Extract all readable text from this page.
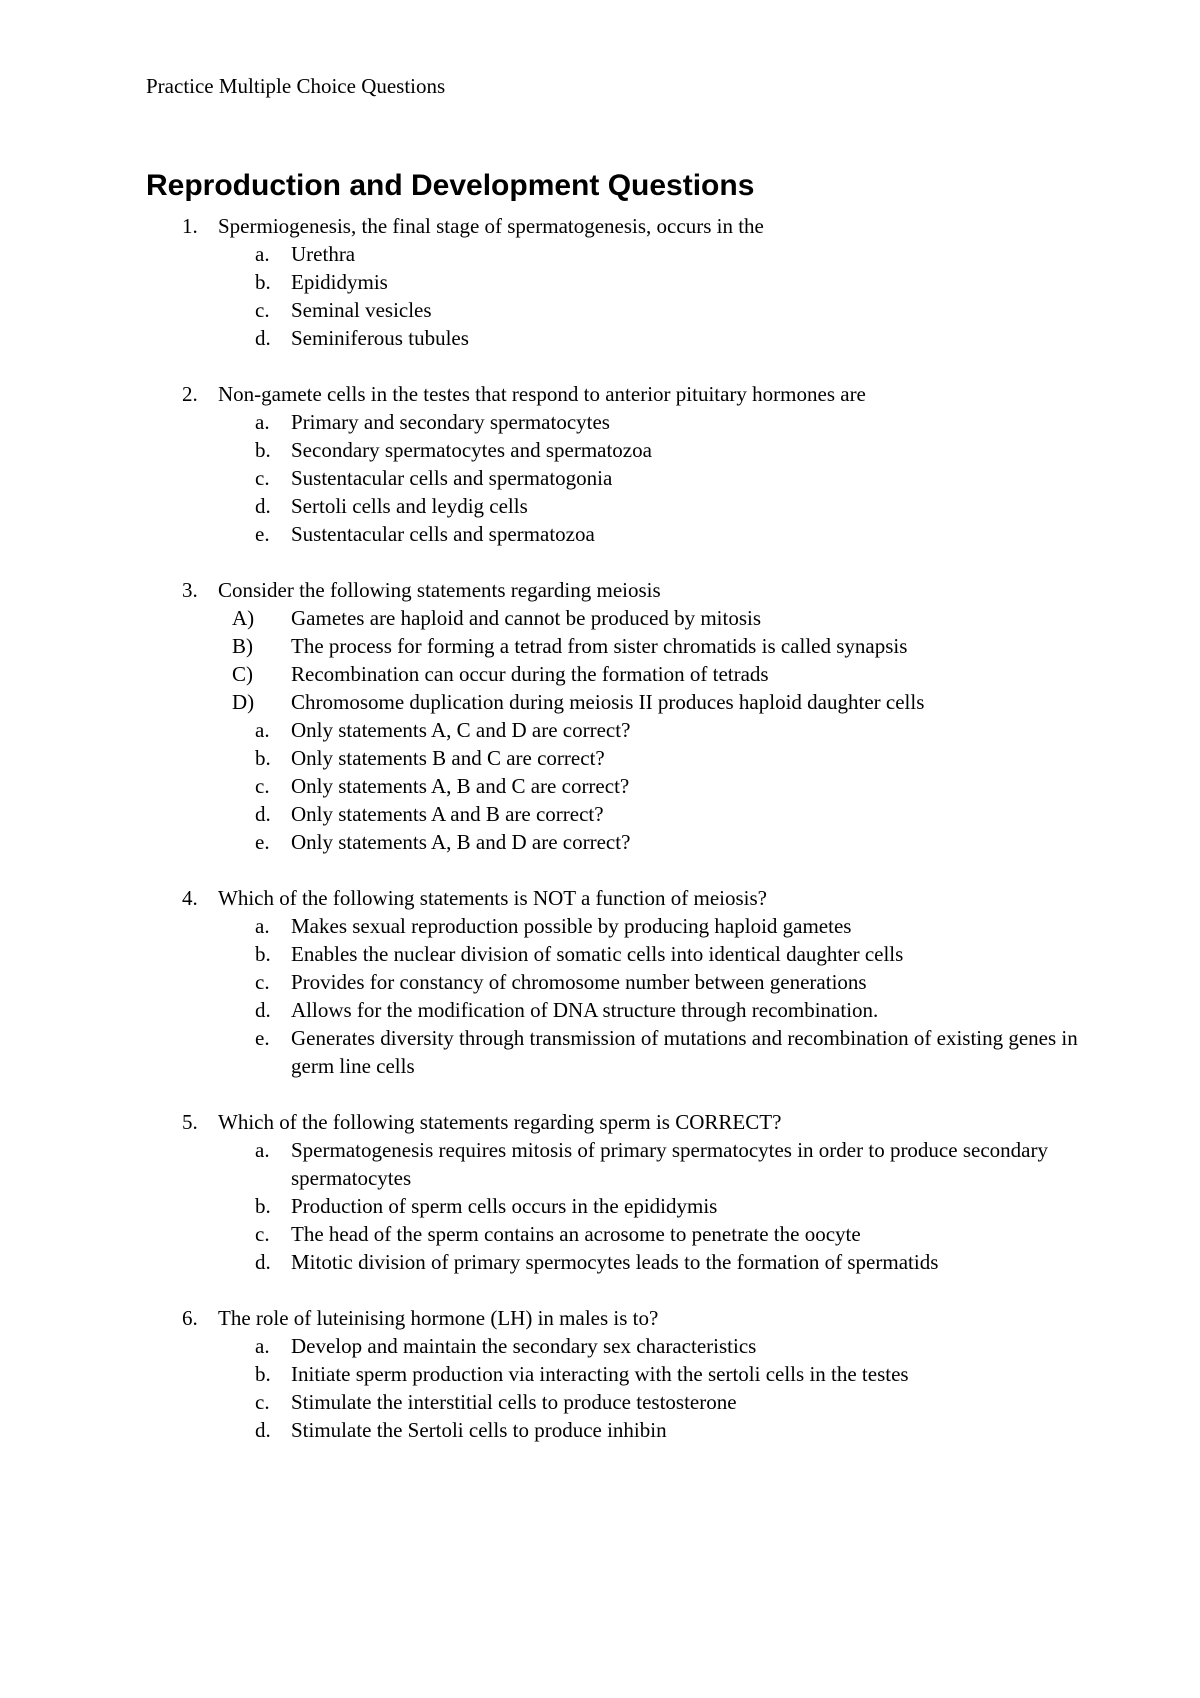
Practice Multiple Choice Questions
Reproduction and Development Questions
1. Spermiogenesis, the final stage of spermatogenesis, occurs in the
a. Urethra
b. Epididymis
c. Seminal vesicles
d. Seminiferous tubules
2. Non-gamete cells in the testes that respond to anterior pituitary hormones are
a. Primary and secondary spermatocytes
b. Secondary spermatocytes and spermatozoa
c. Sustentacular cells and spermatogonia
d. Sertoli cells and leydig cells
e. Sustentacular cells and spermatozoa
3. Consider the following statements regarding meiosis
A) Gametes are haploid and cannot be produced by mitosis
B) The process for forming a tetrad from sister chromatids is called synapsis
C) Recombination can occur during the formation of tetrads
D) Chromosome duplication during meiosis II produces haploid daughter cells
a. Only statements A, C and D are correct?
b. Only statements B and C are correct?
c. Only statements A, B and C are correct?
d. Only statements A and B are correct?
e. Only statements A, B and D are correct?
4. Which of the following statements is NOT a function of meiosis?
a. Makes sexual reproduction possible by producing haploid gametes
b. Enables the nuclear division of somatic cells into identical daughter cells
c. Provides for constancy of chromosome number between generations
d. Allows for the modification of DNA structure through recombination.
e. Generates diversity through transmission of mutations and recombination of existing genes in germ line cells
5. Which of the following statements regarding sperm is CORRECT?
a. Spermatogenesis requires mitosis of primary spermatocytes in order to produce secondary spermatocytes
b. Production of sperm cells occurs in the epididymis
c. The head of the sperm contains an acrosome to penetrate the oocyte
d. Mitotic division of primary spermocytes leads to the formation of spermatids
6. The role of luteinising hormone (LH) in males is to?
a. Develop and maintain the secondary sex characteristics
b. Initiate sperm production via interacting with the sertoli cells in the testes
c. Stimulate the interstitial cells to produce testosterone
d. Stimulate the Sertoli cells to produce inhibin
